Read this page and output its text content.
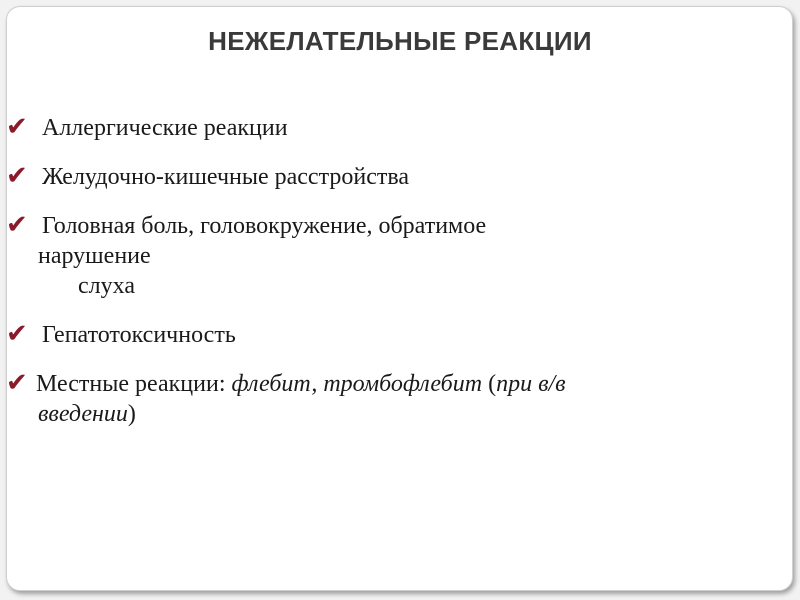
НЕЖЕЛАТЕЛЬНЫЕ РЕАКЦИИ
✔ Аллергические реакции
✔ Желудочно-кишечные расстройства
✔ Головная боль, головокружение, обратимое
нарушение
слуха
✔ Гепатотоксичность
✔ Местные реакции: флебит, тромбофлебит (при в/в
введении)
